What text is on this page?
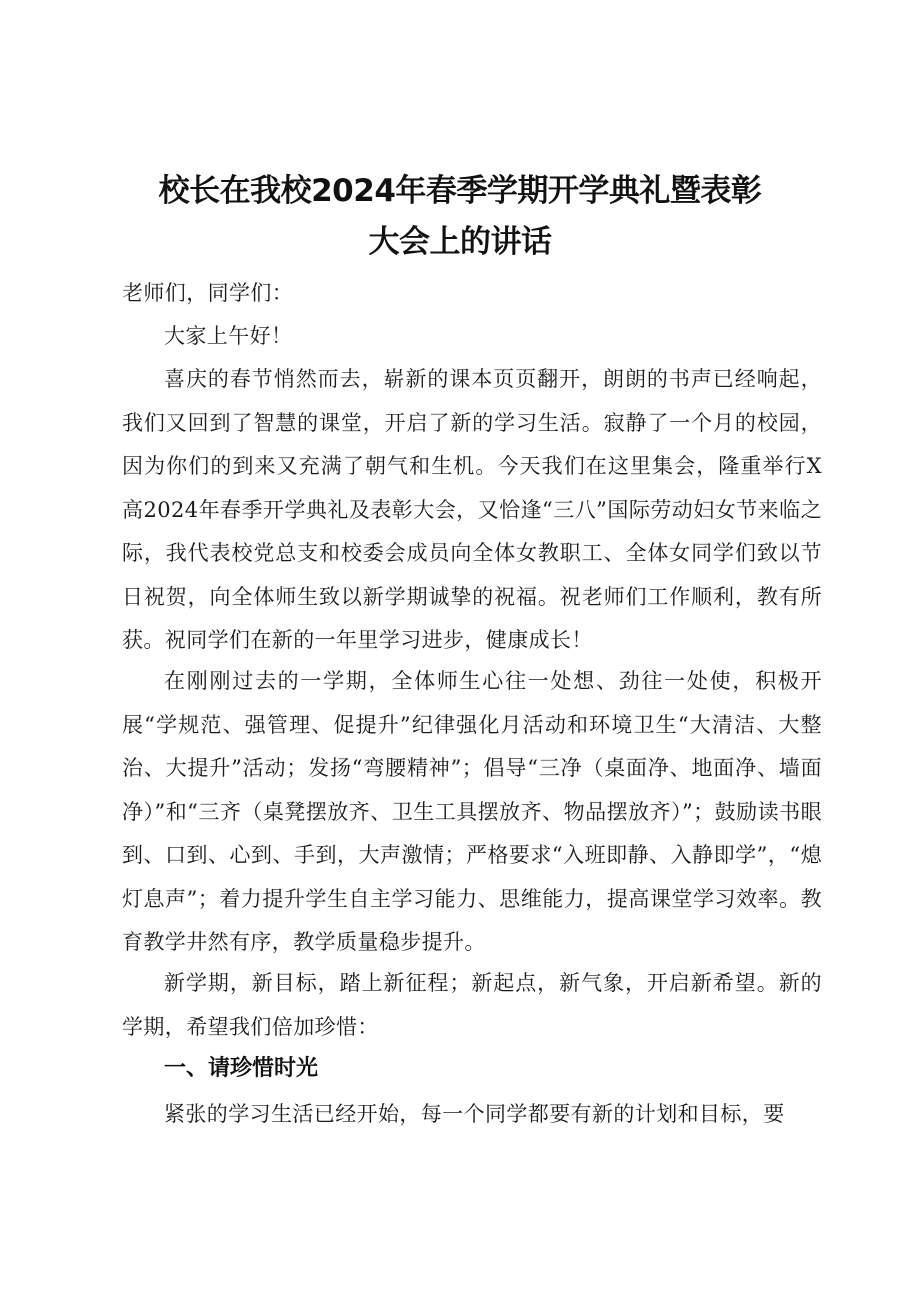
校长在我校2024年春季学期开学典礼暨表彰
大会上的讲话

老师们，同学们：

大家上午好！

喜庆的春节悄然而去，崭新的课本页页翻开，朗朗的书声已经响起，我们又回到了智慧的课堂，开启了新的学习生活。寂静了一个月的校园，因为你们的到来又充满了朝气和生机。今天我们在这里集会，隆重举行X高2024年春季开学典礼及表彰大会，又恰逢“三八”国际劳动妇女节来临之际，我代表校党总支和校委会成员向全体女教职工、全体女同学们致以节日祝贺，向全体师生致以新学期诚挚的祝福。祝老师们工作顺利，教有所获。祝同学们在新的一年里学习进步，健康成长！

在刚刚过去的一学期，全体师生心往一处想、劲往一处使，积极开展“学规范、强管理、促提升”纪律强化月活动和环境卫生“大清洁、大整治、大提升”活动；发扬“弯腰精神”；倡导“三净（桌面净、地面净、墙面净）”和“三齐（桌凳摆放齐、卫生工具摆放齐、物品摆放齐）”；鼓励读书眼到、口到、心到、手到，大声激情；严格要求“入班即静、入静即学”，“熄灯息声”；着力提升学生自主学习能力、思维能力，提高课堂学习效率。教育教学井然有序，教学质量稳步提升。

新学期，新目标，踏上新征程；新起点，新气象，开启新希望。新的学期，希望我们倍加珍惜：

一、请珍惜时光

紧张的学习生活已经开始，每一个同学都要有新的计划和目标，要
